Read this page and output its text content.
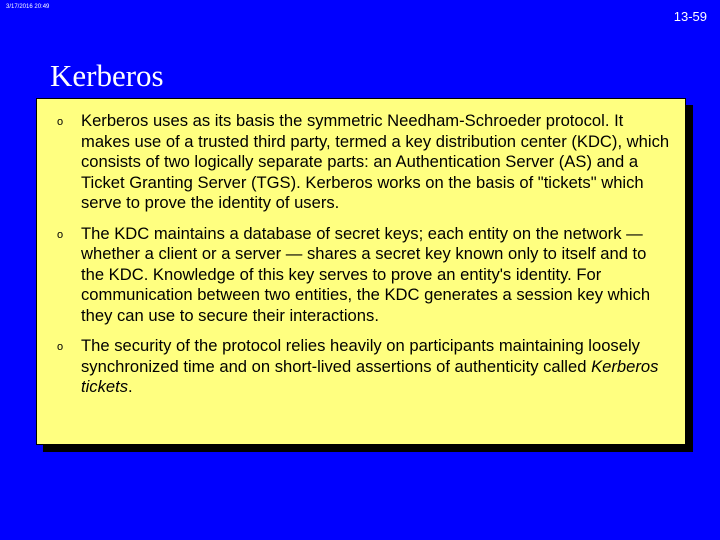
3/17/2016 20:49
13-59
Kerberos
o Kerberos uses as its basis the symmetric Needham-Schroeder protocol. It makes use of a trusted third party, termed a key distribution center (KDC), which consists of two logically separate parts: an Authentication Server (AS) and a Ticket Granting Server (TGS). Kerberos works on the basis of "tickets" which serve to prove the identity of users.
o The KDC maintains a database of secret keys; each entity on the network — whether a client or a server — shares a secret key known only to itself and to the KDC. Knowledge of this key serves to prove an entity's identity. For communication between two entities, the KDC generates a session key which they can use to secure their interactions.
o The security of the protocol relies heavily on participants maintaining loosely synchronized time and on short-lived assertions of authenticity called Kerberos tickets.
